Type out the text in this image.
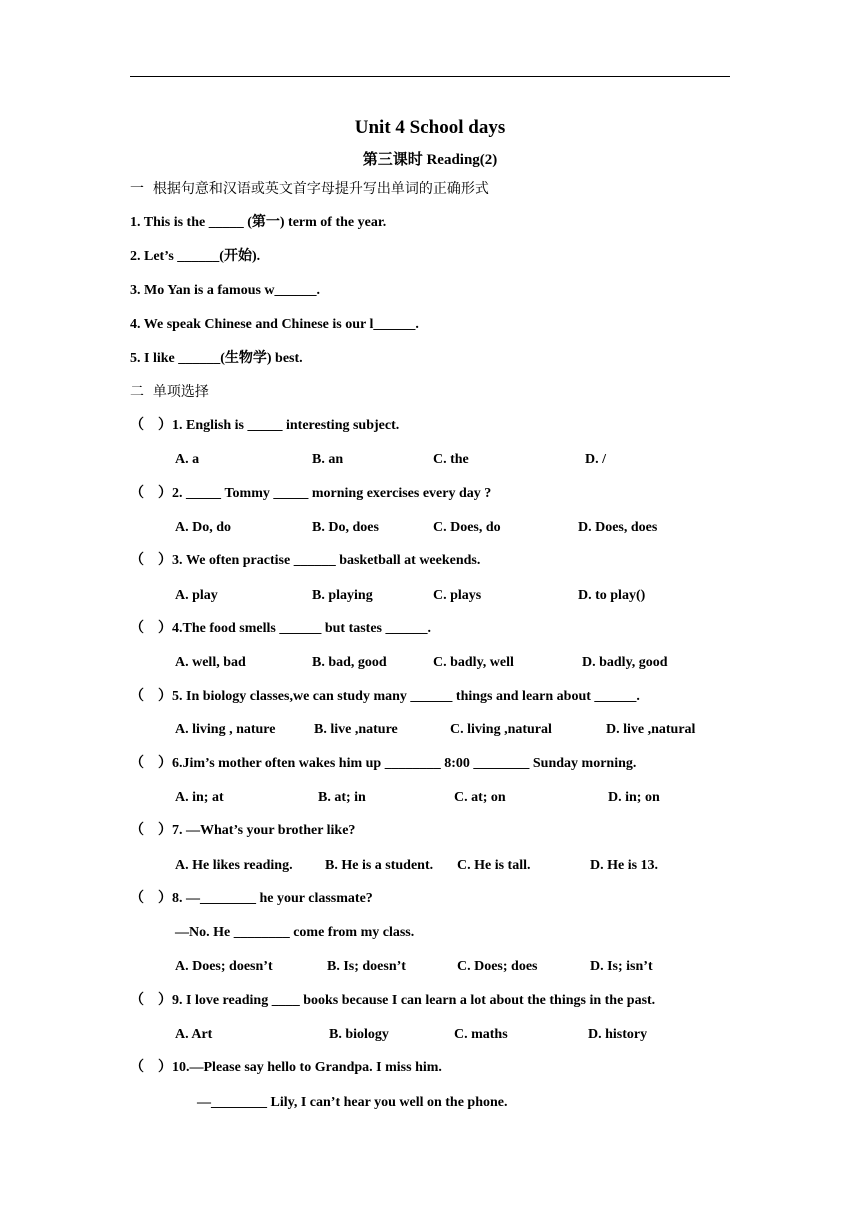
Unit 4 School days
第三课时 Reading(2)
一  根据句意和汉语或英文首字母提升写出单词的正确形式
1. This is the _____ (第一) term of the year.
2. Let’s ______(开始).
3. Mo Yan is a famous w______.
4. We speak Chinese and Chinese is our l______.
5. I like ______(生物学) best.
二  单项选择
（    ）1. English is _____ interesting subject.
A. a	B. an	C. the	D. /
（    ）2. _____ Tommy _____ morning exercises every day ?
A. Do, do	B. Do, does	C. Does, do	D. Does, does
（    ）3. We often practise ______ basketball at weekends.
A. play	B. playing	C. plays	D. to play()
（    ）4.The food smells ______ but tastes ______.
A. well, bad	B. bad, good	C. badly, well	D. badly, good
（    ）5. In biology classes,we can study many ______ things and learn about ______.
A. living , nature	B. live ,nature	C. living ,natural	D. live ,natural
（    ）6.Jim’s mother often wakes him up ________ 8:00 ________ Sunday morning.
A. in; at	B. at; in	C. at; on	D. in; on
（    ）7. —What’s your brother like?
A. He likes reading. B. He is a student. C. He is tall.	D. He is 13.
（    ）8. —________ he your classmate?
—No. He ________ come from my class.
A. Does; doesn’t	B. Is; doesn’t	C. Does; does	D. Is; isn’t
（    ）9. I love reading ____ books because I can learn a lot about the things in the past.
A. Art	B. biology	C. maths	D. history
（    ）10.—Please say hello to Grandpa. I miss him.
—________ Lily, I can’t hear you well on the phone.
